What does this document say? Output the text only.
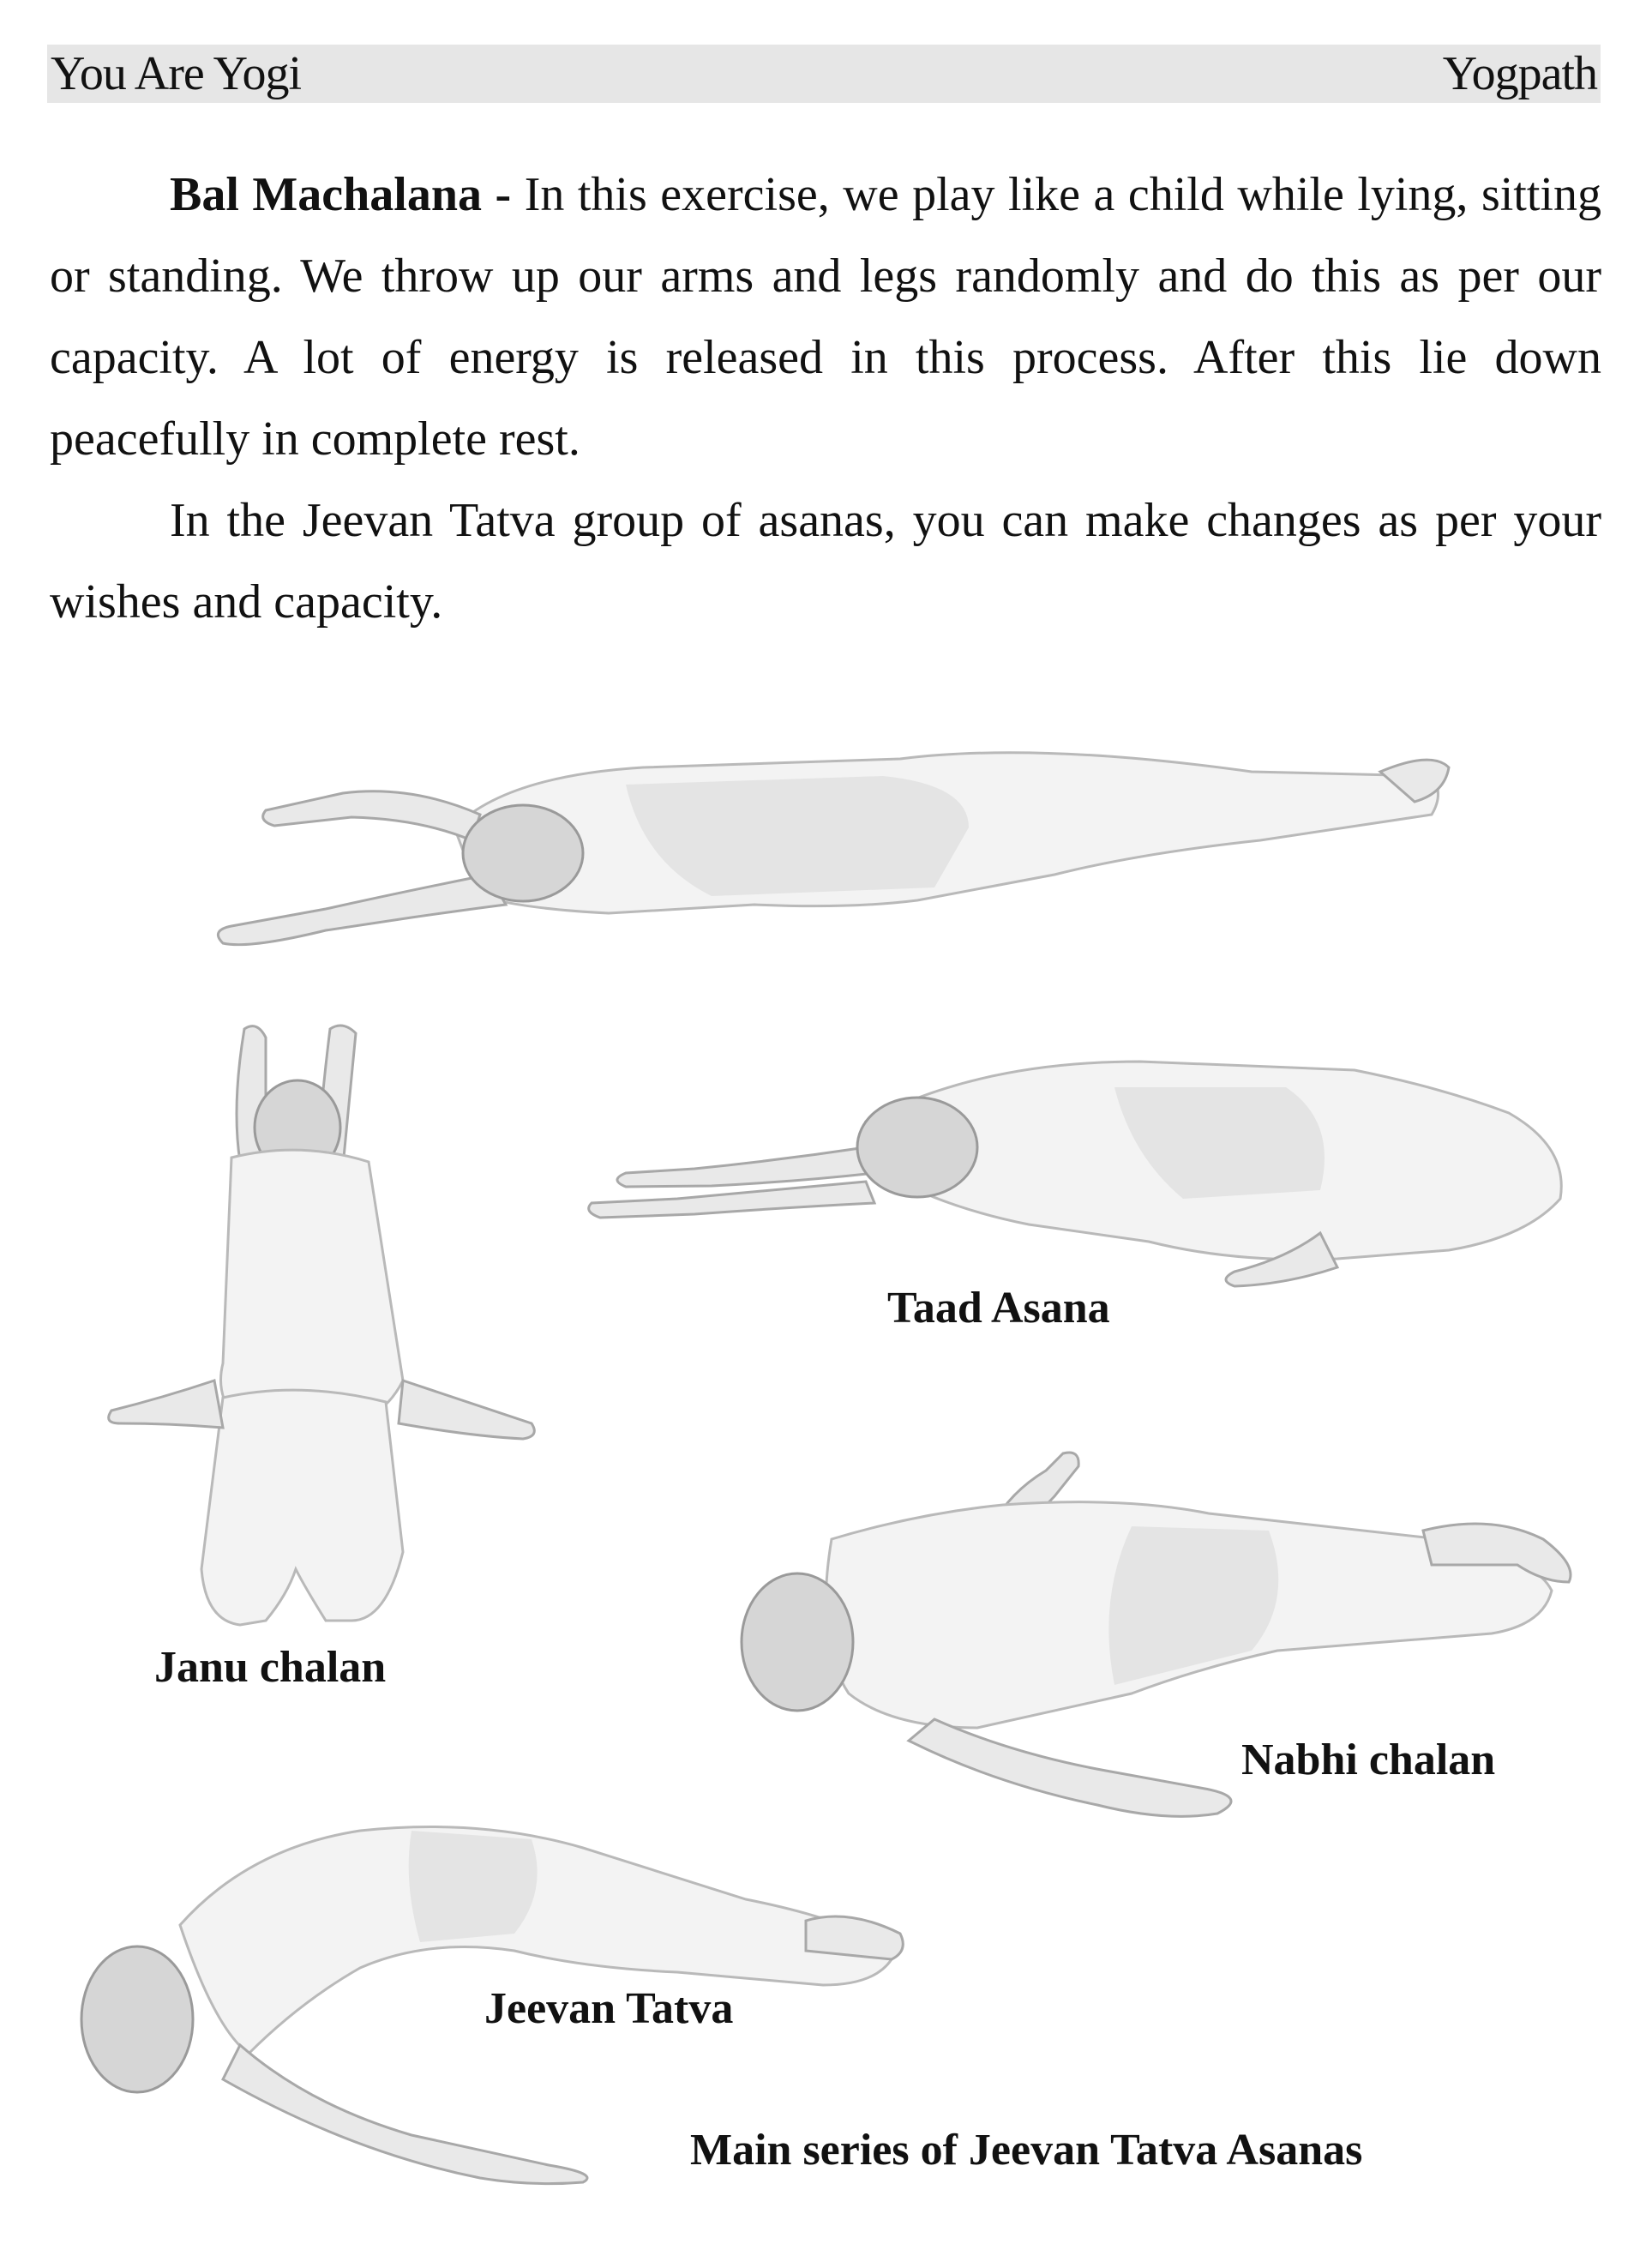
You Are Yogi	Yogpath

Bal Machalana - In this exercise, we play like a child while lying, sitting or standing. We throw up our arms and legs randomly and do this as per our capacity. A lot of energy is released in this process. After this lie down peacefully in complete rest.

In the Jeevan Tatva group of asanas, you can make changes as per your wishes and capacity.

Taad Asana
Janu chalan
Nabhi chalan
Jeevan Tatva
Main series of Jeevan Tatva Asanas
